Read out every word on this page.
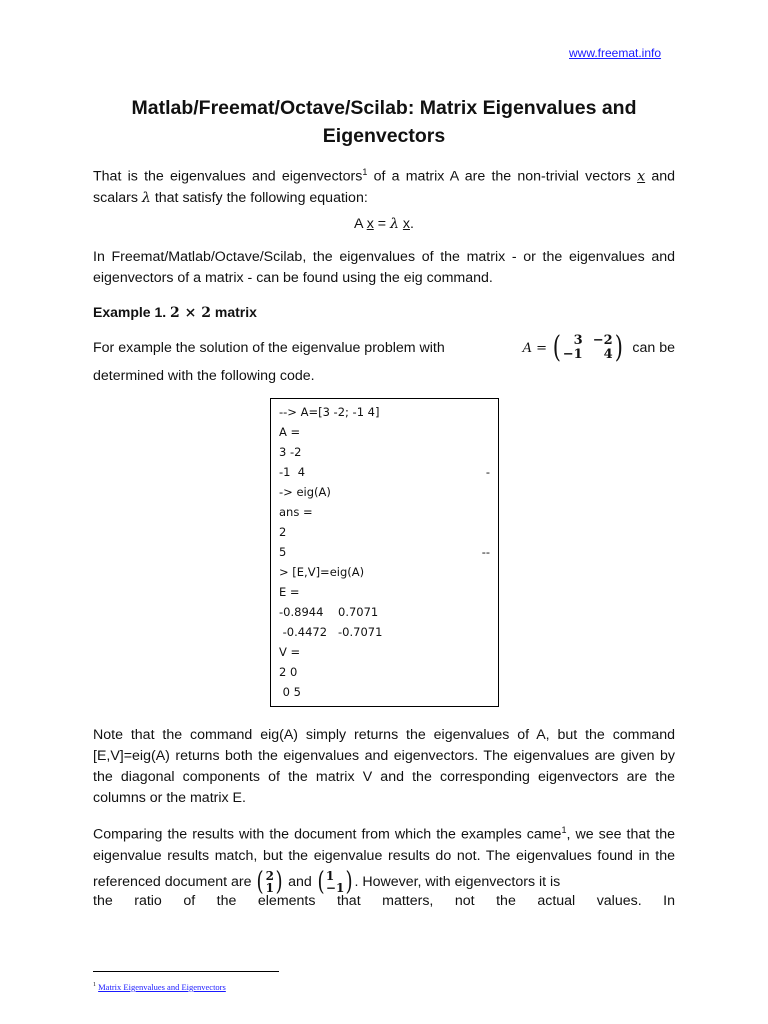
www.freemat.info
Matlab/Freemat/Octave/Scilab: Matrix Eigenvalues and
Eigenvectors
That is the eigenvalues and eigenvectors$^1$ of a matrix A are the non-trivial vectors x and scalars λ that satisfy the following equation:
A x = λ x.
In Freemat/Matlab/Octave/Scilab, the eigenvalues of the matrix - or the eigenvalues and eigenvectors of a matrix - can be found using the eig command.
Example 1. 2 × 2 matrix
For example the solution of the eigenvalue problem with	A = ( 3 −2
−1	4 ) can be
determined with the following code.
--> A=[3 -2; -1 4]
A =
3 -2
-1  4	-
-> eig(A)
ans =
2
5	--
> [E,V]=eig(A)
E =
-0.8944    0.7071
-0.4472   -0.7071
V =
2 0
0 5
Note that the command eig(A) simply returns the eigenvalues of A, but the command [E,V]=eig(A) returns both the eigenvalues and eigenvectors. The eigenvalues are given by the diagonal components of the matrix V and the corresponding eigenvectors are the columns or the matrix E.
Comparing the results with the document from which the examples came$^1$, we see that the eigenvalue results match, but the eigenvalue results do not. The eigenvalues found in the referenced document are ( 2
1 ) and ( 1
−1 ) . However, with eigenvectors it is
the ratio of the elements that matters, not the actual values. In
$^1$ Matrix Eigenvalues and Eigenvectors
